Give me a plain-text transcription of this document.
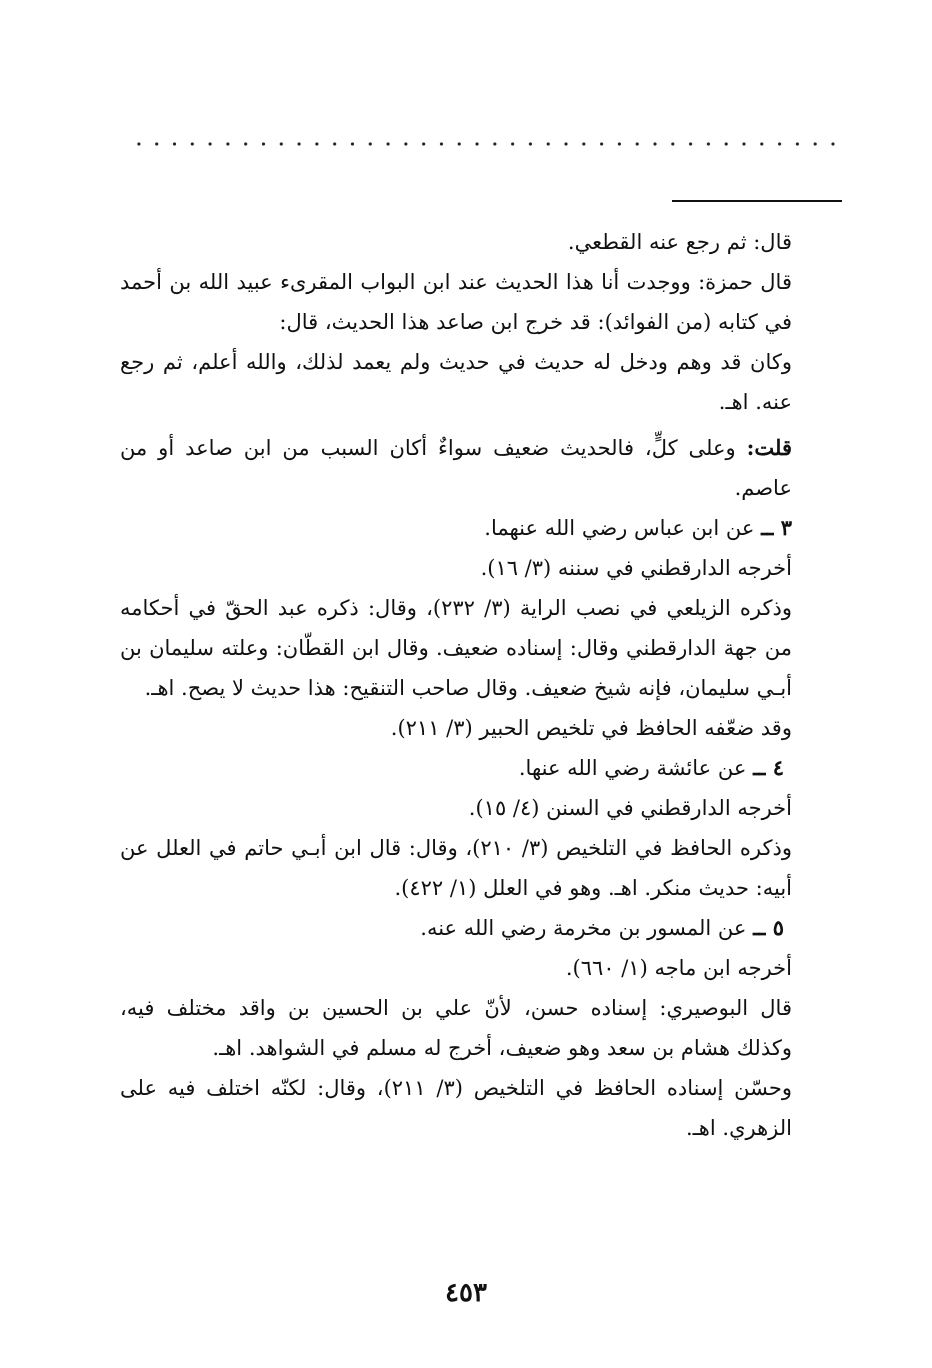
قال: ثم رجع عنه القطعي.

قال حمزة: ووجدت أنا هذا الحديث عند ابن البواب المقرىء عبيد الله بن أحمد في كتابه (من الفوائد): قد خرج ابن صاعد هذا الحديث، قال:

وكان قد وهم ودخل له حديث في حديث ولم يعمد لذلك، والله أعلم، ثم رجع عنه. اهـ.

قلت: وعلى كلٍّ، فالحديث ضعيف سواءٌ أكان السبب من ابن صاعد أو من عاصم.

٣ ــ عن ابن عباس رضي الله عنهما.

أخرجه الدارقطني في سننه (٣/ ١٦).

وذكره الزيلعي في نصب الراية (٣/ ٢٣٢)، وقال: ذكره عبد الحقّ في أحكامه من جهة الدارقطني وقال: إسناده ضعيف. وقال ابن القطّان: وعلته سليمان بن أبـي سليمان، فإنه شيخ ضعيف. وقال صاحب التنقيح: هذا حديث لا يصح. اهـ.

وقد ضعّفه الحافظ في تلخيص الحبير (٣/ ٢١١).

٤ ــ عن عائشة رضي الله عنها.

أخرجه الدارقطني في السنن (٤/ ١٥).

وذكره الحافظ في التلخيص (٣/ ٢١٠)، وقال: قال ابن أبـي حاتم في العلل عن أبيه: حديث منكر. اهـ. وهو في العلل (١/ ٤٢٢).

٥ ــ عن المسور بن مخرمة رضي الله عنه.

أخرجه ابن ماجه (١/ ٦٦٠).

قال البوصيري: إسناده حسن، لأنّ علي بن الحسين بن واقد مختلف فيه، وكذلك هشام بن سعد وهو ضعيف، أخرج له مسلم في الشواهد. اهـ.

وحسّن إسناده الحافظ في التلخيص (٣/ ٢١١)، وقال: لكنّه اختلف فيه على الزهري. اهـ.

٤٥٣
